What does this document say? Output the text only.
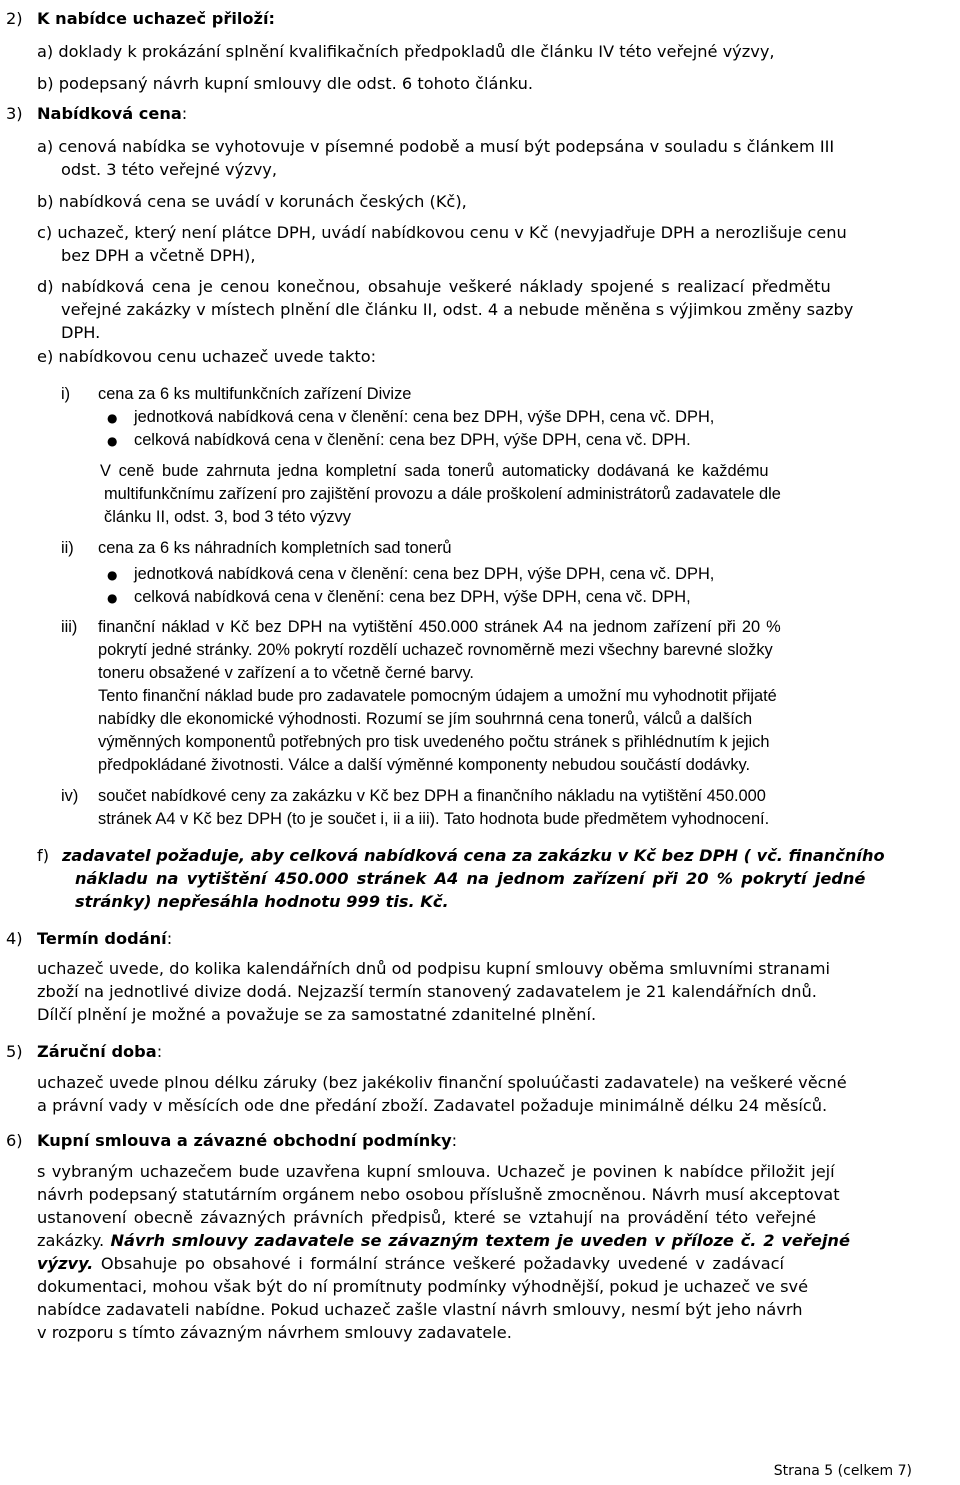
2) K nabídce uchazeč přiloží:
a) doklady k prokázání splnění kvalifikačních předpokladů dle článku IV této veřejné výzvy,
b) podepsaný návrh kupní smlouvy dle odst. 6 tohoto článku.
3) Nabídková cena:
a) cenová nabídka se vyhotovuje v písemné podobě a musí být podepsána v souladu s článkem III
odst. 3 této veřejné výzvy,
b) nabídková cena se uvádí v korunách českých (Kč),
c) uchazeč, který není plátce DPH, uvádí nabídkovou cenu v Kč (nevyjadřuje DPH a nerozlišuje cenu
bez DPH a včetně DPH),
d) nabídková cena je cenou konečnou, obsahuje veškeré náklady spojené s realizací předmětu
veřejné zakázky v místech plnění dle článku II, odst. 4 a nebude měněna s výjimkou změny sazby
DPH.
e) nabídkovou cenu uchazeč uvede takto:
i) cena za 6 ks multifunkčních zařízení Divize
● jednotková nabídková cena v členění: cena bez DPH, výše DPH, cena vč. DPH,
● celková nabídková cena v členění: cena bez DPH, výše DPH, cena vč. DPH.
V ceně bude zahrnuta jedna kompletní sada tonerů automaticky dodávaná ke každému
multifunkčnímu zařízení pro zajištění provozu a dále proškolení administrátorů zadavatele dle
článku II, odst. 3, bod 3 této výzvy
ii) cena za 6 ks náhradních kompletních sad tonerů
● jednotková nabídková cena v členění: cena bez DPH, výše DPH, cena vč. DPH,
● celková nabídková cena v členění: cena bez DPH, výše DPH, cena vč. DPH,
iii) finanční náklad v Kč bez DPH na vytištění 450.000 stránek A4 na jednom zařízení při 20 %
pokrytí jedné stránky. 20% pokrytí rozdělí uchazeč rovnoměrně mezi všechny barevné složky
toneru obsažené v zařízení a to včetně černé barvy.
Tento finanční náklad bude pro zadavatele pomocným údajem a umožní mu vyhodnotit přijaté
nabídky dle ekonomické výhodnosti. Rozumí se jím souhrnná cena tonerů, válců a dalších
výměnných komponentů potřebných pro tisk uvedeného počtu stránek s přihlédnutím k jejich
předpokládané životnosti. Válce a další výměnné komponenty nebudou součástí dodávky.
iv) součet nabídkové ceny za zakázku v Kč bez DPH a finančního nákladu na vytištění 450.000
stránek A4 v Kč bez DPH (to je součet i, ii a iii). Tato hodnota bude předmětem vyhodnocení.
f) zadavatel požaduje, aby celková nabídková cena za zakázku v Kč bez DPH ( vč. finančního
nákladu na vytištění 450.000 stránek A4 na jednom zařízení při 20 % pokrytí jedné
stránky) nepřesáhla hodnotu 999 tis. Kč.
4) Termín dodání:
uchazeč uvede, do kolika kalendářních dnů od podpisu kupní smlouvy oběma smluvními stranami
zboží na jednotlivé divize dodá. Nejzazší termín stanovený zadavatelem je 21 kalendářních dnů.
Dílčí plnění je možné a považuje se za samostatné zdanitelné plnění.
5) Záruční doba:
uchazeč uvede plnou délku záruky (bez jakékoliv finanční spoluúčasti zadavatele) na veškeré věcné
a právní vady v měsících ode dne předání zboží. Zadavatel požaduje minimálně délku 24 měsíců.
6) Kupní smlouva a závazné obchodní podmínky:
s vybraným uchazečem bude uzavřena kupní smlouva. Uchazeč je povinen k nabídce přiložit její
návrh podepsaný statutárním orgánem nebo osobou příslušně zmocněnou. Návrh musí akceptovat
ustanovení obecně závazných právních předpisů, které se vztahují na provádění této veřejné
zakázky. Návrh smlouvy zadavatele se závazným textem je uveden v příloze č. 2 veřejné
výzvy. Obsahuje po obsahové i formální stránce veškeré požadavky uvedené v zadávací
dokumentaci, mohou však být do ní promítnuty podmínky výhodnější, pokud je uchazeč ve své
nabídce zadavateli nabídne. Pokud uchazeč zašle vlastní návrh smlouvy, nesmí být jeho návrh
v rozporu s tímto závazným návrhem smlouvy zadavatele.
Strana 5 (celkem 7)
